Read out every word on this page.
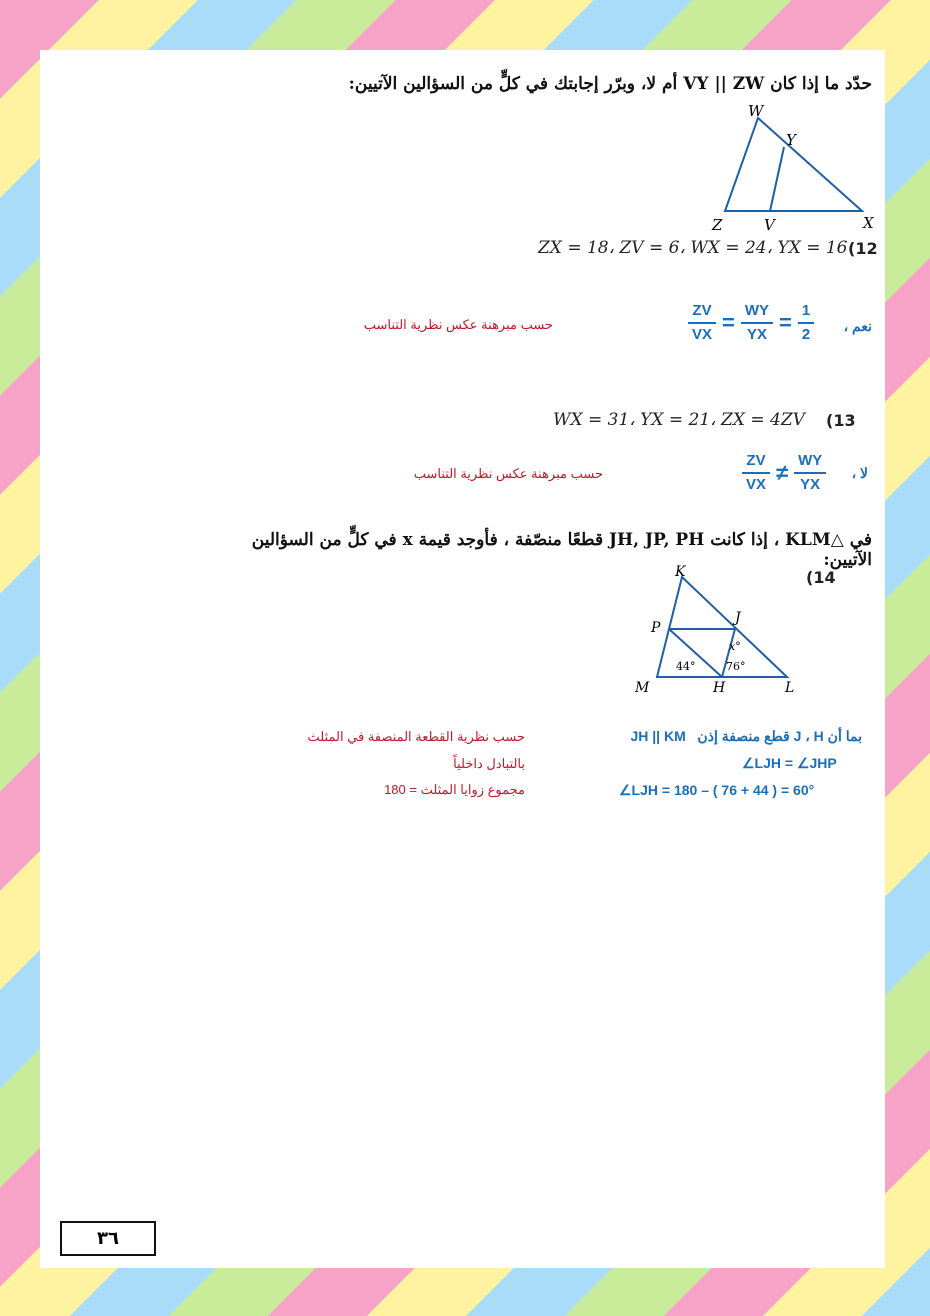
حدّد ما إذا كان VY || ZW أم لا، وبرّر إجابتك في كلٍّ من السؤالين الآتيين:
W
Y
Z	V	X
ZX = 18، ZV = 6، WX = 24، YX = 16 (12
$\frac{ZV}{VX} = \frac{WY}{YX} = \frac{1}{2}$ نعم ،
حسب مبرهنة عكس نظرية التناسب
WX = 31، YX = 21، ZX = 4ZV (13
$\frac{ZV}{VX} \ne \frac{WY}{YX}$ لا ،
حسب مبرهنة عكس نظرية التناسب
في △KLM ، إذا كانت JH, JP, PH قطعًا منصّفة ، فأوجد قيمة x في كلٍّ من السؤالين الآتيين:
(14
K
J
P
M	H	L
x°
44°	76°
بما أن J ، H قطع منصفة إذن   JH || KM
∠LJH = ∠JHP
∠LJH = 180 – ( 76 + 44 ) = 60°
حسب نظرية القطعة المنصفة في المثلث
بالتبادل داخلياً
مجموع زوايا المثلث = 180
٣٦
